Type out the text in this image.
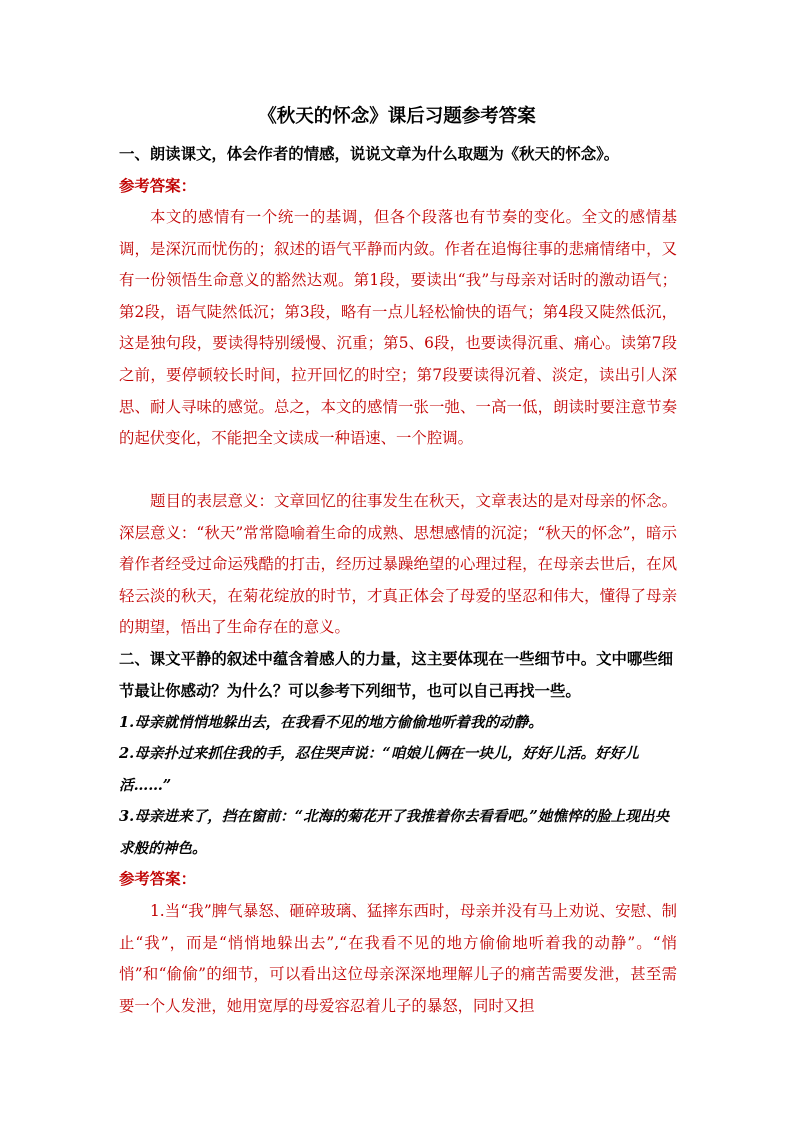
《秋天的怀念》课后习题参考答案

一、朗读课文，体会作者的情感，说说文章为什么取题为《秋天的怀念》。

参考答案：

本文的感情有一个统一的基调，但各个段落也有节奏的变化。全文的感情基调，是深沉而忧伤的；叙述的语气平静而内敛。作者在追悔往事的悲痛情绪中，又有一份领悟生命意义的豁然达观。第1段，要读出“我”与母亲对话时的激动语气；第2段，语气陡然低沉；第3段，略有一点儿轻松愉快的语气；第4段又陡然低沉，这是独句段，要读得特别缓慢、沉重；第5、6段，也要读得沉重、痛心。读第7段之前，要停顿较长时间，拉开回忆的时空；第7段要读得沉着、淡定，读出引人深思、耐人寻味的感觉。总之，本文的感情一张一弛、一高一低，朗读时要注意节奏的起伏变化，不能把全文读成一种语速、一个腔调。

题目的表层意义：文章回忆的往事发生在秋天，文章表达的是对母亲的怀念。深层意义：“秋天”常常隐喻着生命的成熟、思想感情的沉淀；“秋天的怀念”，暗示着作者经受过命运残酷的打击，经历过暴躁绝望的心理过程，在母亲去世后，在风轻云淡的秋天，在菊花绽放的时节，才真正体会了母爱的坚忍和伟大，懂得了母亲的期望，悟出了生命存在的意义。

二、课文平静的叙述中蕴含着感人的力量，这主要体现在一些细节中。文中哪些细节最让你感动？为什么？可以参考下列细节，也可以自己再找一些。

1.母亲就悄悄地躲出去，在我看不见的地方偷偷地听着我的动静。

2.母亲扑过来抓住我的手，忍住哭声说：“咱娘儿俩在一块儿，好好儿活。好好儿活……”

3.母亲进来了，挡在窗前：“北海的菊花开了我推着你去看看吧。”她憔悴的脸上现出央求般的神色。

参考答案：

1.当“我”脾气暴怒、砸碎玻璃、猛摔东西时，母亲并没有马上劝说、安慰、制止“我”，而是“悄悄地躲出去”,“在我看不见的地方偷偷地听着我的动静”。“悄悄”和“偷偷”的细节，可以看出这位母亲深深地理解儿子的痛苦需要发泄，甚至需要一个人发泄，她用宽厚的母爱容忍着儿子的暴怒，同时又担
